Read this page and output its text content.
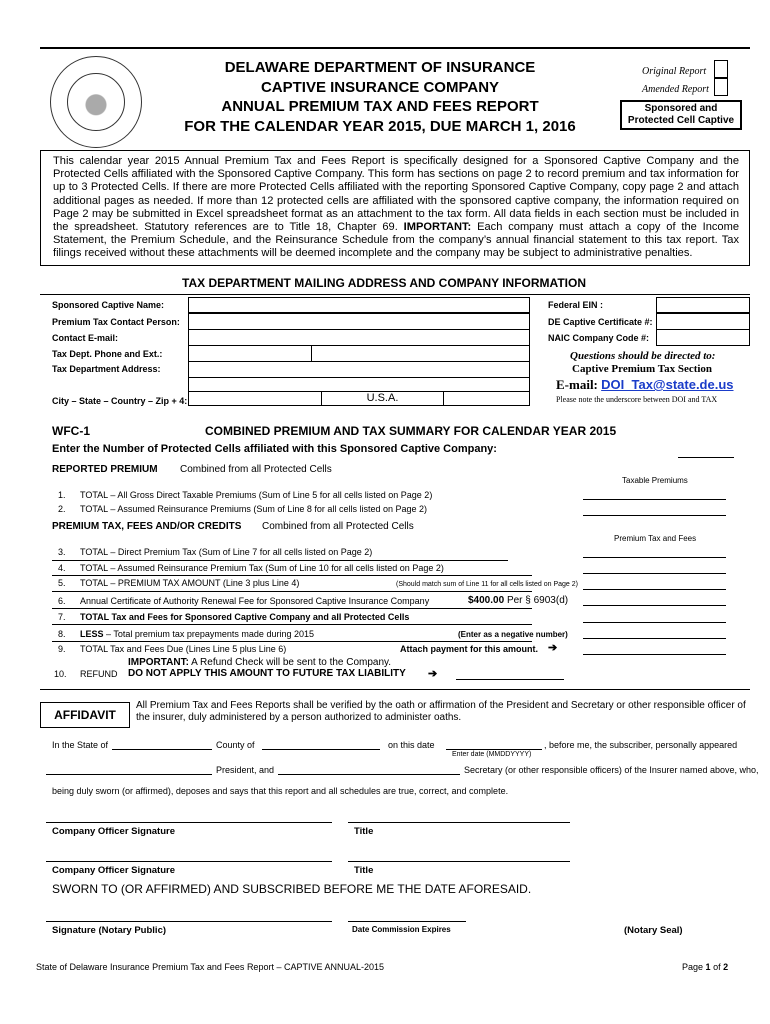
DELAWARE DEPARTMENT OF INSURANCE
CAPTIVE INSURANCE COMPANY
ANNUAL PREMIUM TAX AND FEES REPORT
FOR THE CALENDAR YEAR 2015, DUE MARCH 1, 2016
Original Report
Amended Report
Sponsored and
Protected Cell Captive
This calendar year 2015 Annual Premium Tax and Fees Report is specifically designed for a Sponsored Captive Company and the Protected Cells affiliated with the Sponsored Captive Company. This form has sections on page 2 to record premium and tax information for up to 3 Protected Cells. If there are more Protected Cells affiliated with the reporting Sponsored Captive Company, copy page 2 and attach additional pages as needed. If more than 12 protected cells are affiliated with the sponsored captive company, the information required on Page 2 may be submitted in Excel spreadsheet format as an attachment to the tax form. All data fields in each section must be included in the spreadsheet. Statutory references are to Title 18, Chapter 69. IMPORTANT: Each company must attach a copy of the Income Statement, the Premium Schedule, and the Reinsurance Schedule from the company’s annual financial statement to this tax report. Tax filings received without these attachments will be deemed incomplete and the company may be subject to administrative penalties.
TAX DEPARTMENT MAILING ADDRESS AND COMPANY INFORMATION
Sponsored Captive Name:
Premium Tax Contact Person:
Contact E-mail:
Tax Dept. Phone and Ext.:
Tax Department Address:
City – State – Country – Zip + 4:	U.S.A.
Federal EIN :
DE Captive Certificate #:
NAIC Company Code #:
Questions should be directed to:
Captive Premium Tax Section
E-mail: DOI_Tax@state.de.us
Please note the underscore between DOI and TAX
WFC-1	COMBINED PREMIUM AND TAX SUMMARY FOR CALENDAR YEAR 2015
Enter the Number of Protected Cells affiliated with this Sponsored Captive Company:
REPORTED PREMIUM Combined from all Protected Cells
Taxable Premiums
1. TOTAL – All Gross Direct Taxable Premiums (Sum of Line 5 for all cells listed on Page 2)
2. TOTAL – Assumed Reinsurance Premiums (Sum of Line 8 for all cells listed on Page 2)
PREMIUM TAX, FEES AND/OR CREDITS Combined from all Protected Cells
Premium Tax and Fees
3. TOTAL – Direct Premium Tax (Sum of Line 7 for all cells listed on Page 2)
4. TOTAL – Assumed Reinsurance Premium Tax (Sum of Line 10 for all cells listed on Page 2)
5. TOTAL – PREMIUM TAX AMOUNT (Line 3 plus Line 4)	(Should match sum of Line 11 for all cells listed on Page 2)
6. Annual Certificate of Authority Renewal Fee for Sponsored Captive Insurance Company	$400.00 Per § 6903(d)
7. TOTAL Tax and Fees for Sponsored Captive Company and all Protected Cells
8. LESS – Total premium tax prepayments made during 2015	(Enter as a negative number)
9. TOTAL Tax and Fees Due (Lines Line 5 plus Line 6)	Attach payment for this amount. ➔
IMPORTANT: A Refund Check will be sent to the Company.
10. REFUND DO NOT APPLY THIS AMOUNT TO FUTURE TAX LIABILITY ➔
AFFIDAVIT
All Premium Tax and Fees Reports shall be verified by the oath or affirmation of the President and Secretary or other responsible officer of the insurer, duly administered by a person authorized to administer oaths.
In the State of	County of	on this date	, before me, the subscriber, personally appeared
Enter date (MMDDYYYY)
President, and	Secretary (or other responsible officers) of the Insurer named above, who,
being duly sworn (or affirmed), deposes and says that this report and all schedules are true, correct, and complete.
Company Officer Signature	Title
Company Officer Signature	Title
SWORN TO (OR AFFIRMED) AND SUBSCRIBED BEFORE ME THE DATE AFORESAID.
Signature (Notary Public)	Date Commission Expires	(Notary Seal)
State of Delaware Insurance Premium Tax and Fees Report – CAPTIVE ANNUAL-2015	Page 1 of 2
